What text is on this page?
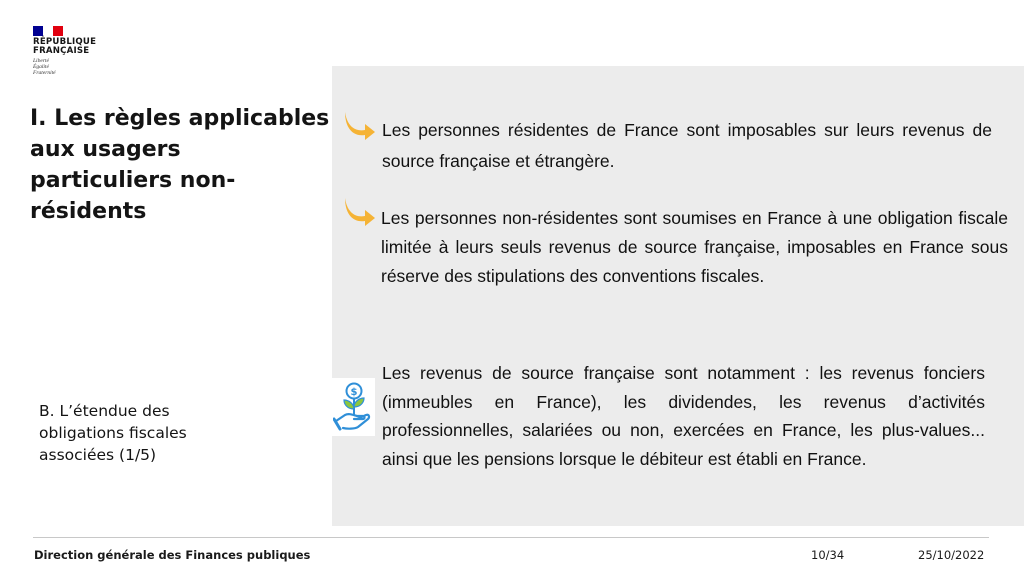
RÉPUBLIQUE
FRANÇAISE
Liberté
Égalité
Fraternité
I. Les règles applicables aux usagers particuliers non-résidents
B. L’étendue des obligations fiscales associées (1/5)

Les personnes résidentes de France sont imposables sur leurs revenus de source française et étrangère.

Les personnes non-résidentes sont soumises en France à une obligation fiscale limitée à leurs seuls revenus de source française, imposables en France sous réserve des stipulations des conventions fiscales.

$

Les revenus de source française sont notamment : les revenus fonciers (immeubles en France), les dividendes, les revenus d’activités professionnelles, salariées ou non, exercées en France, les plus-values... ainsi que les pensions lorsque le débiteur est établi en France.

Direction générale des Finances publiques	10/34	25/10/2022
